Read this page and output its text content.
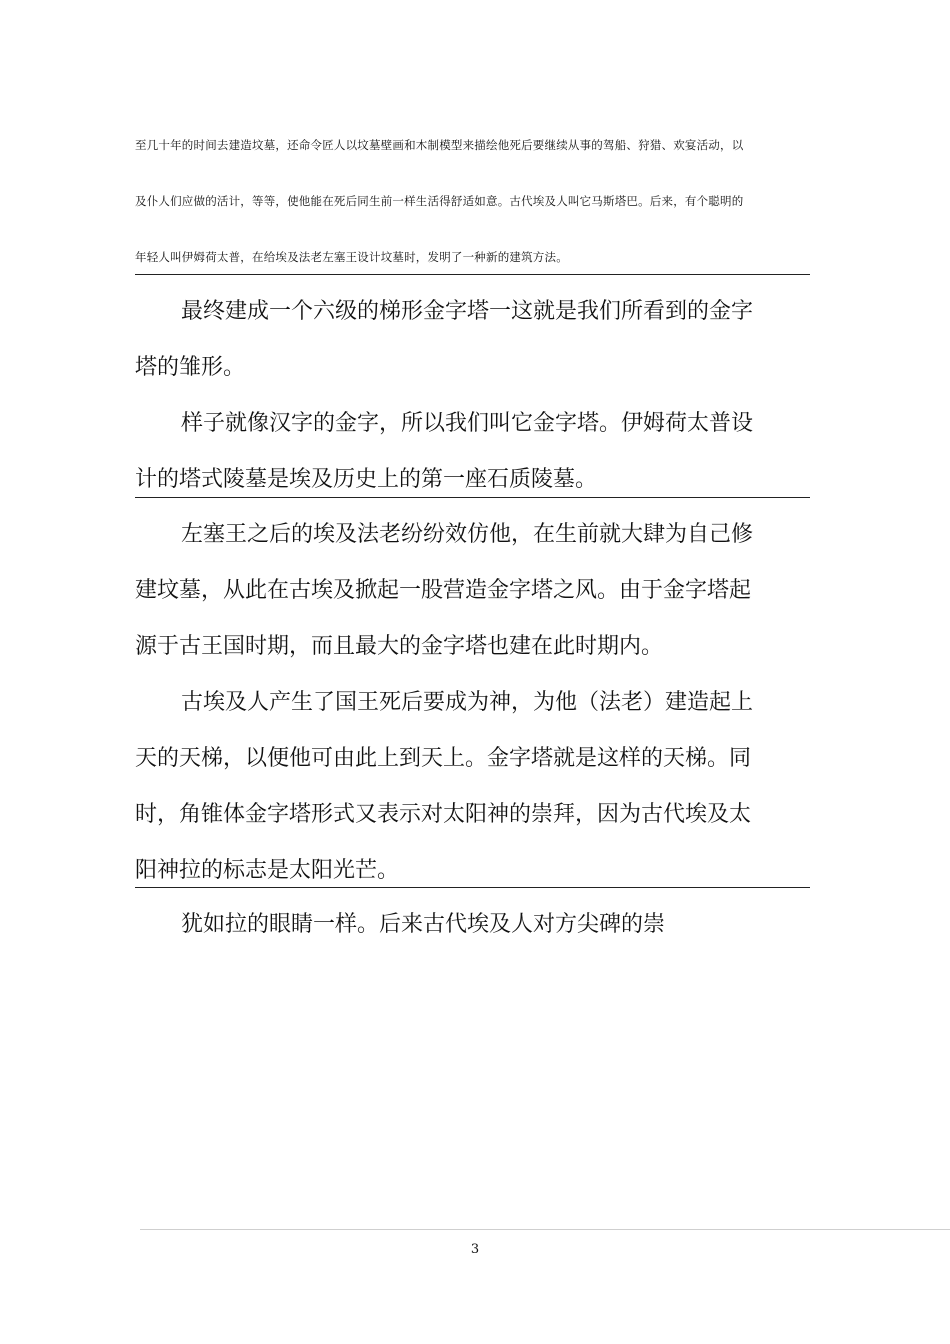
至几十年的时间去建造坟墓，还命令匠人以坟墓壁画和木制模型来描绘他死后要继续从事的驾船、狩猎、欢宴活动，以
及仆人们应做的活计，等等，使他能在死后同生前一样生活得舒适如意。古代埃及人叫它马斯塔巴。后来，有个聪明的
年轻人叫伊姆荷太普，在给埃及法老左塞王设计坟墓时，发明了一种新的建筑方法。
最终建成一个六级的梯形金字塔一这就是我们所看到的金字
塔的雏形。
样子就像汉字的金字，所以我们叫它金字塔。伊姆荷太普设
计的塔式陵墓是埃及历史上的第一座石质陵墓。
左塞王之后的埃及法老纷纷效仿他，在生前就大肆为自己修
建坟墓，从此在古埃及掀起一股营造金字塔之风。由于金字塔起
源于古王国时期，而且最大的金字塔也建在此时期内。
古埃及人产生了国王死后要成为神，为他（法老）建造起上
天的天梯，以便他可由此上到天上。金字塔就是这样的天梯。同
时，角锥体金字塔形式又表示对太阳神的崇拜，因为古代埃及太
阳神拉的标志是太阳光芒。
犹如拉的眼睛一样。后来古代埃及人对方尖碑的崇
3
